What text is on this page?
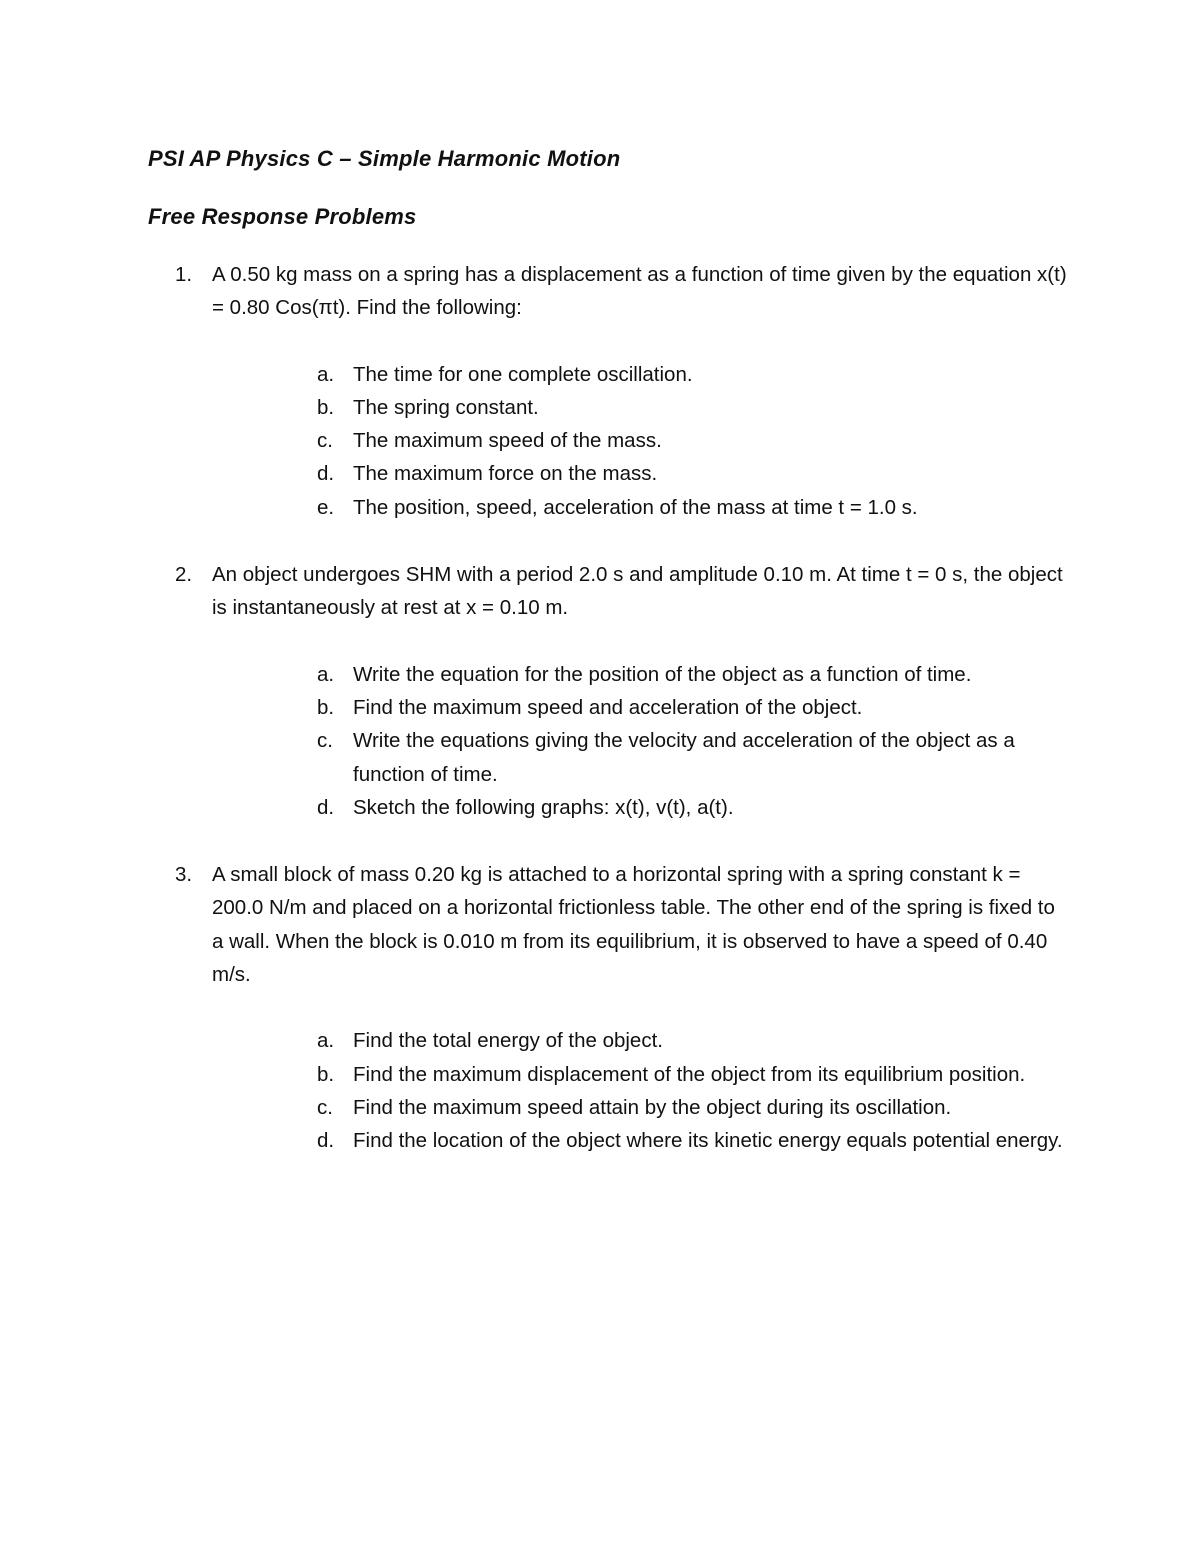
PSI AP Physics C – Simple Harmonic Motion
Free Response Problems
1. A 0.50 kg mass on a spring has a displacement as a function of time given by the equation x(t) = 0.80 Cos(πt). Find the following:
a. The time for one complete oscillation.
b. The spring constant.
c. The maximum speed of the mass.
d. The maximum force on the mass.
e. The position, speed, acceleration of the mass at time t = 1.0 s.
2. An object undergoes SHM with a period 2.0 s and amplitude 0.10 m. At time t = 0 s, the object is instantaneously at rest at x = 0.10 m.
a. Write the equation for the position of the object as a function of time.
b. Find the maximum speed and acceleration of the object.
c. Write the equations giving the velocity and acceleration of the object as a function of time.
d. Sketch the following graphs: x(t), v(t), a(t).
3. A small block of mass 0.20 kg is attached to a horizontal spring with a spring constant k = 200.0 N/m and placed on a horizontal frictionless table. The other end of the spring is fixed to a wall. When the block is 0.010 m from its equilibrium, it is observed to have a speed of 0.40 m/s.
a. Find the total energy of the object.
b. Find the maximum displacement of the object from its equilibrium position.
c. Find the maximum speed attain by the object during its oscillation.
d. Find the location of the object where its kinetic energy equals potential energy.
